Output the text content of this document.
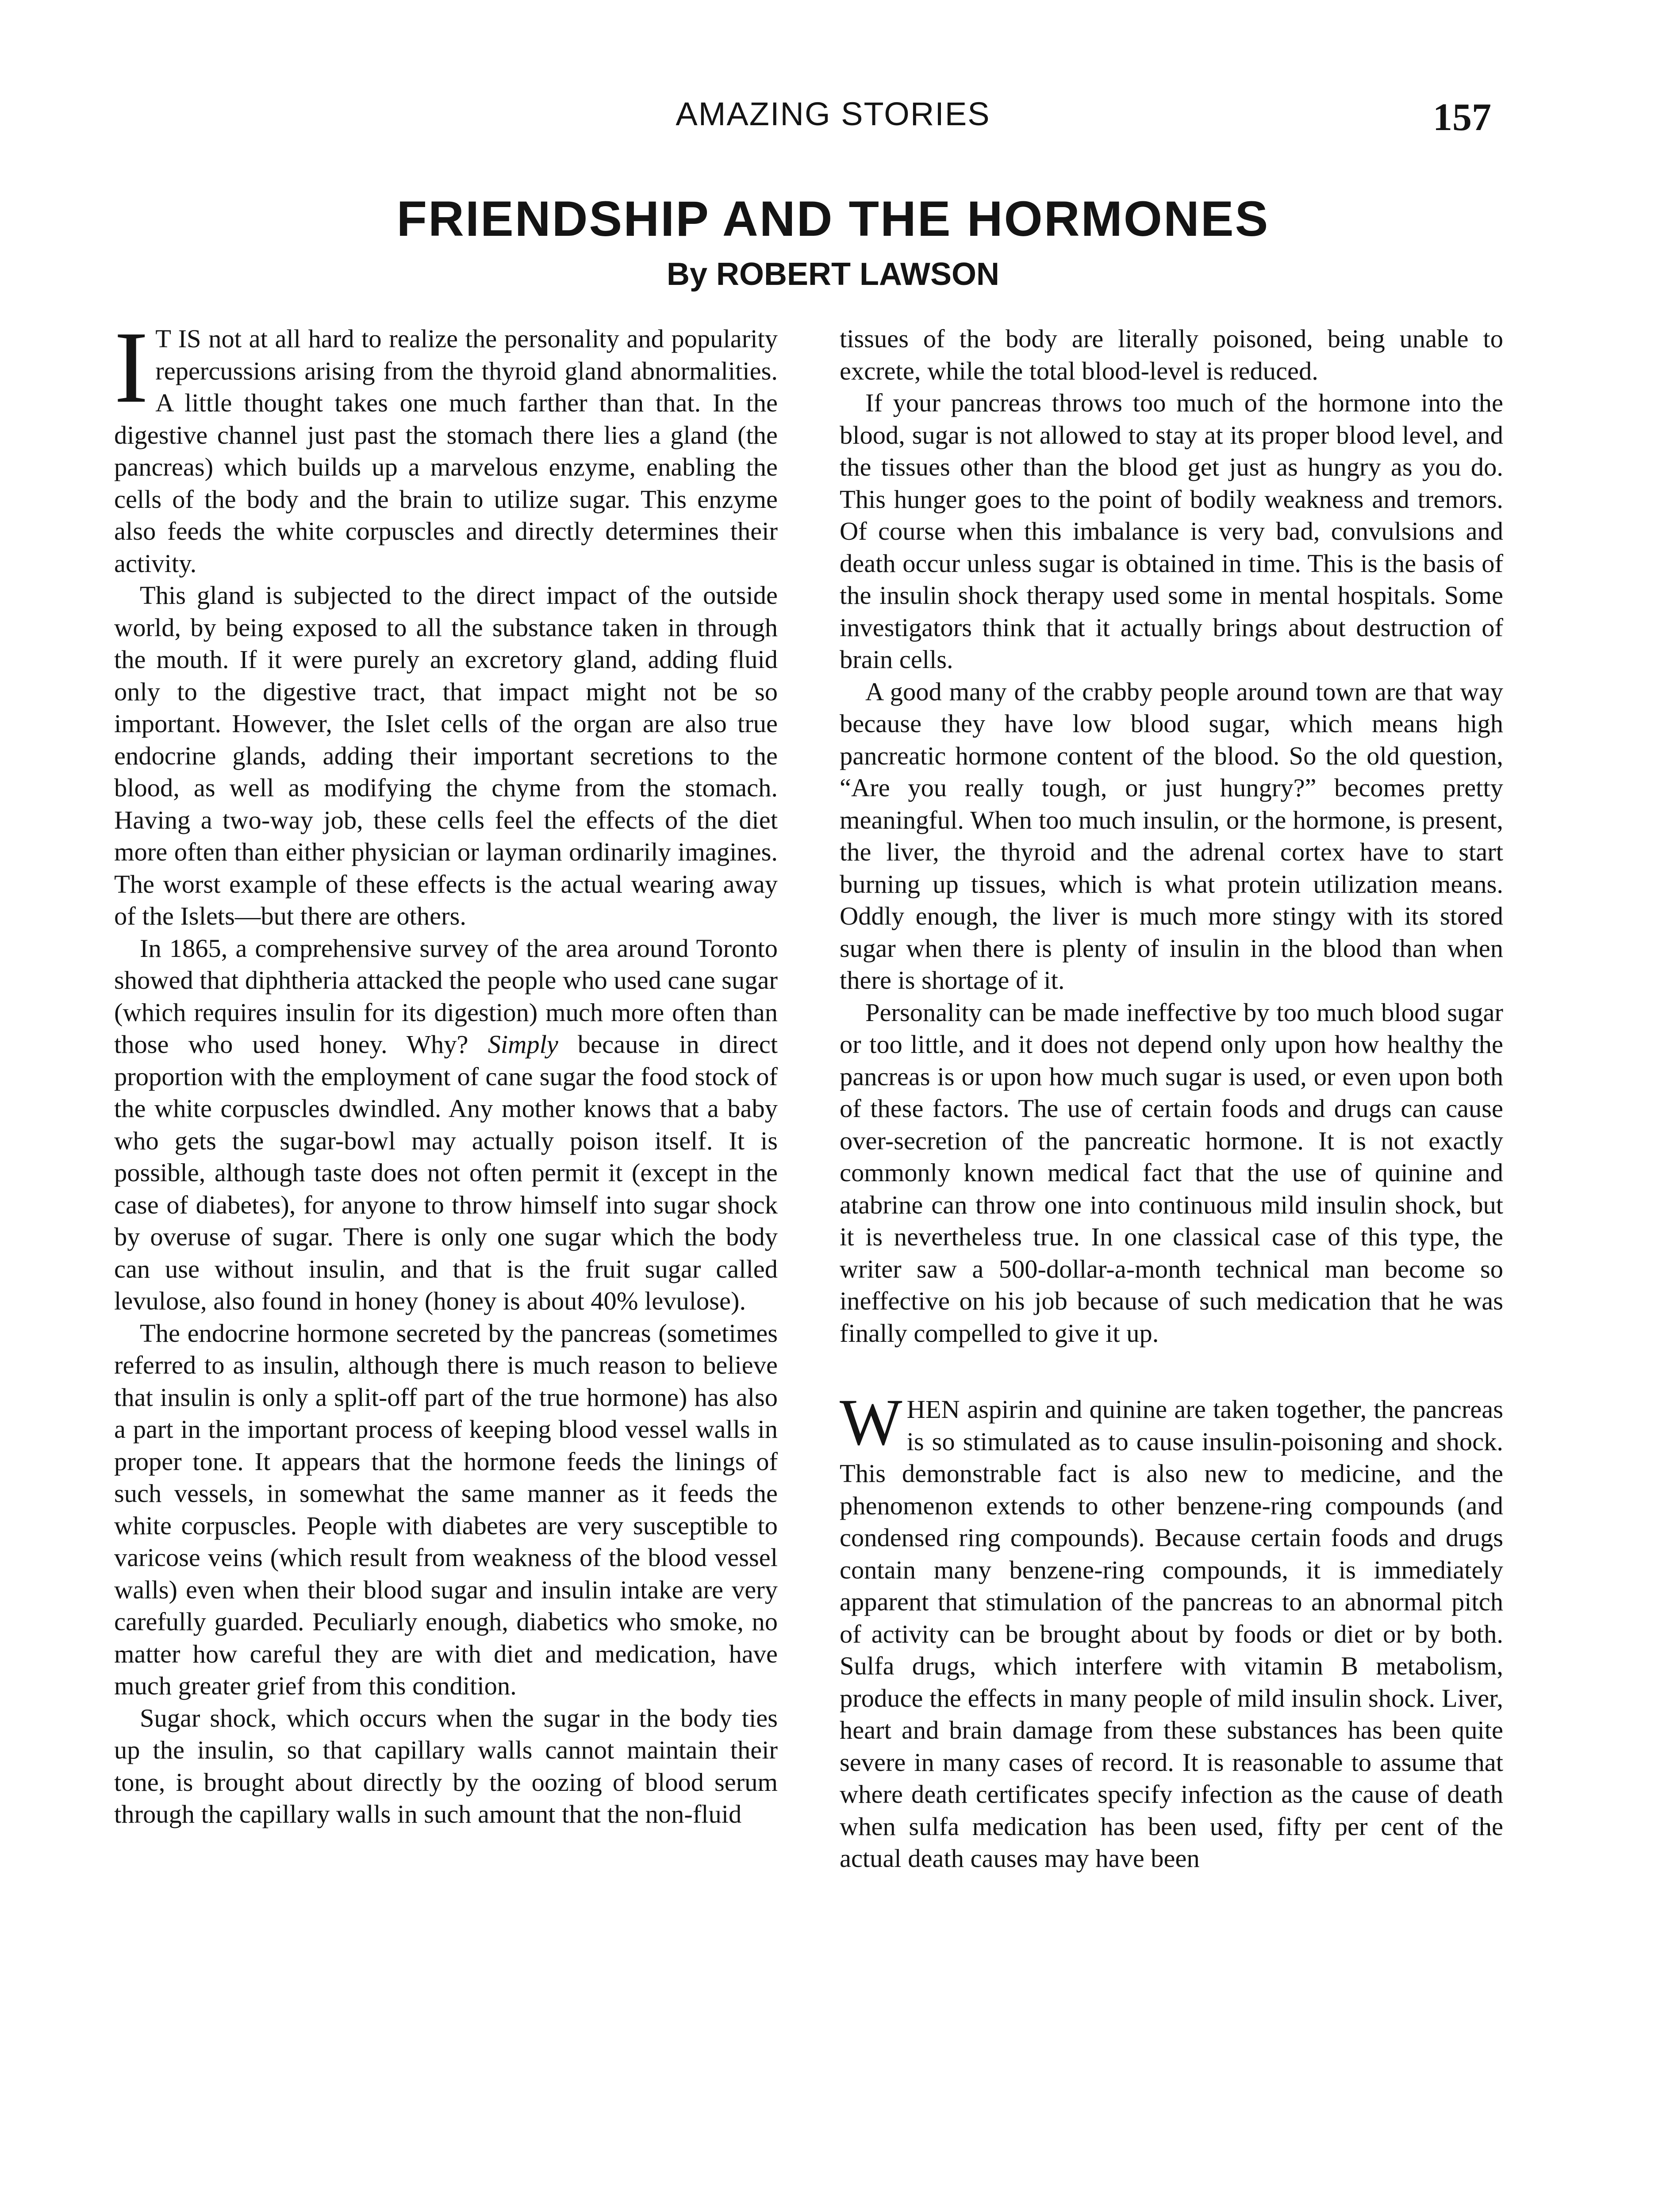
AMAZING STORIES	157
FRIENDSHIP AND THE HORMONES
By ROBERT LAWSON

I T IS not at all hard to realize the personality and popularity repercussions arising from the thyroid gland abnormalities. A little thought takes one much farther than that. In the digestive channel just past the stomach there lies a gland (the pancreas) which builds up a marvelous enzyme, enabling the cells of the body and the brain to utilize sugar. This enzyme also feeds the white corpuscles and directly determines their activity.

This gland is subjected to the direct impact of the outside world, by being exposed to all the substance taken in through the mouth. If it were purely an excretory gland, adding fluid only to the digestive tract, that impact might not be so important. However, the Islet cells of the organ are also true endocrine glands, adding their important secretions to the blood, as well as modifying the chyme from the stomach. Having a two-way job, these cells feel the effects of the diet more often than either physician or layman ordinarily imagines. The worst example of these effects is the actual wearing away of the Islets—but there are others.

In 1865, a comprehensive survey of the area around Toronto showed that diphtheria attacked the people who used cane sugar (which requires insulin for its digestion) much more often than those who used honey. Why? Simply because in direct proportion with the employment of cane sugar the food stock of the white corpuscles dwindled. Any mother knows that a baby who gets the sugar-bowl may actually poison itself. It is possible, although taste does not often permit it (except in the case of diabetes), for anyone to throw himself into sugar shock by overuse of sugar. There is only one sugar which the body can use without insulin, and that is the fruit sugar called levulose, also found in honey (honey is about 40% levulose).

The endocrine hormone secreted by the pancreas (sometimes referred to as insulin, although there is much reason to believe that insulin is only a split-off part of the true hormone) has also a part in the important process of keeping blood vessel walls in proper tone. It appears that the hormone feeds the linings of such vessels, in somewhat the same manner as it feeds the white corpuscles. People with diabetes are very susceptible to varicose veins (which result from weakness of the blood vessel walls) even when their blood sugar and insulin intake are very carefully guarded. Peculiarly enough, diabetics who smoke, no matter how careful they are with diet and medication, have much greater grief from this condition.

Sugar shock, which occurs when the sugar in the body ties up the insulin, so that capillary walls cannot maintain their tone, is brought about directly by the oozing of blood serum through the capillary walls in such amount that the non-fluid

tissues of the body are literally poisoned, being unable to excrete, while the total blood-level is reduced.

If your pancreas throws too much of the hormone into the blood, sugar is not allowed to stay at its proper blood level, and the tissues other than the blood get just as hungry as you do. This hunger goes to the point of bodily weakness and tremors. Of course when this imbalance is very bad, convulsions and death occur unless sugar is obtained in time. This is the basis of the insulin shock therapy used some in mental hospitals. Some investigators think that it actually brings about destruction of brain cells.

A good many of the crabby people around town are that way because they have low blood sugar, which means high pancreatic hormone content of the blood. So the old question, “Are you really tough, or just hungry?” becomes pretty meaningful. When too much insulin, or the hormone, is present, the liver, the thyroid and the adrenal cortex have to start burning up tissues, which is what protein utilization means. Oddly enough, the liver is much more stingy with its stored sugar when there is plenty of insulin in the blood than when there is shortage of it.

Personality can be made ineffective by too much blood sugar or too little, and it does not depend only upon how healthy the pancreas is or upon how much sugar is used, or even upon both of these factors. The use of certain foods and drugs can cause over-secretion of the pancreatic hormone. It is not exactly commonly known medical fact that the use of quinine and atabrine can throw one into continuous mild insulin shock, but it is nevertheless true. In one classical case of this type, the writer saw a 500-dollar-a-month technical man become so ineffective on his job because of such medication that he was finally compelled to give it up.

WHEN aspirin and quinine are taken together, the pancreas is so stimulated as to cause insulin-poisoning and shock. This demonstrable fact is also new to medicine, and the phenomenon extends to other benzene-ring compounds (and condensed ring compounds). Because certain foods and drugs contain many benzene-ring compounds, it is immediately apparent that stimulation of the pancreas to an abnormal pitch of activity can be brought about by foods or diet or by both. Sulfa drugs, which interfere with vitamin B metabolism, produce the effects in many people of mild insulin shock. Liver, heart and brain damage from these substances has been quite severe in many cases of record. It is reasonable to assume that where death certificates specify infection as the cause of death when sulfa medication has been used, fifty per cent of the actual death causes may have been
